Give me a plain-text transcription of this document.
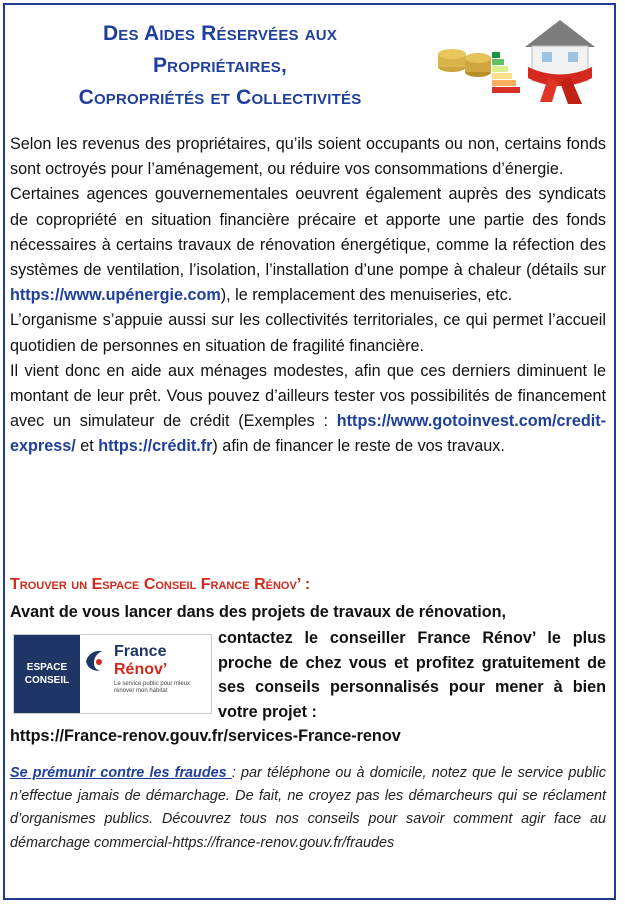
Des Aides Réservées aux
Propriétaires,
Copropriétés et Collectivités

Selon les revenus des propriétaires, qu’ils soient occupants ou non, certains fonds sont octroyés pour l’aménagement, ou réduire vos consommations d’énergie.

Certaines agences gouvernementales oeuvrent également auprès des syndicats de copropriété en situation financière précaire et apporte une partie des fonds nécessaires à certains travaux de rénovation énergétique, comme la réfection des systèmes de ventilation, l’isolation, l’installation d’une pompe à chaleur (détails sur https://www.upénergie.com), le remplacement des menuiseries, etc.

L’organisme s’appuie aussi sur les collectivités territoriales, ce qui permet l’accueil quotidien de personnes en situation de fragilité financière.

Il vient donc en aide aux ménages modestes, afin que ces derniers diminuent le montant de leur prêt. Vous pouvez d’ailleurs tester vos possibilités de financement avec un simulateur de crédit (Exemples : https://www.gotoinvest.com/credit-express/ et https://crédit.fr) afin de financer le reste de vos travaux.

Trouver un Espace Conseil France Rénov’ :
Avant de vous lancer dans des projets de travaux de rénovation,
ESPACE
CONSEIL
France
Rénov’
Le service public pour mieux rénover mon habitat
contactez le conseiller France Rénov’ le plus proche de chez vous et profitez gratuitement de ses conseils personnalisés pour mener à bien votre projet :
https://France-renov.gouv.fr/services-France-renov
Se prémunir contre les fraudes : par téléphone ou à domicile, notez que le service public n’effectue jamais de démarchage. De fait, ne croyez pas les démarcheurs qui se réclament d’organismes publics. Découvrez tous nos conseils pour savoir comment agir face au démarchage commercial-https://france-renov.gouv.fr/fraudes
